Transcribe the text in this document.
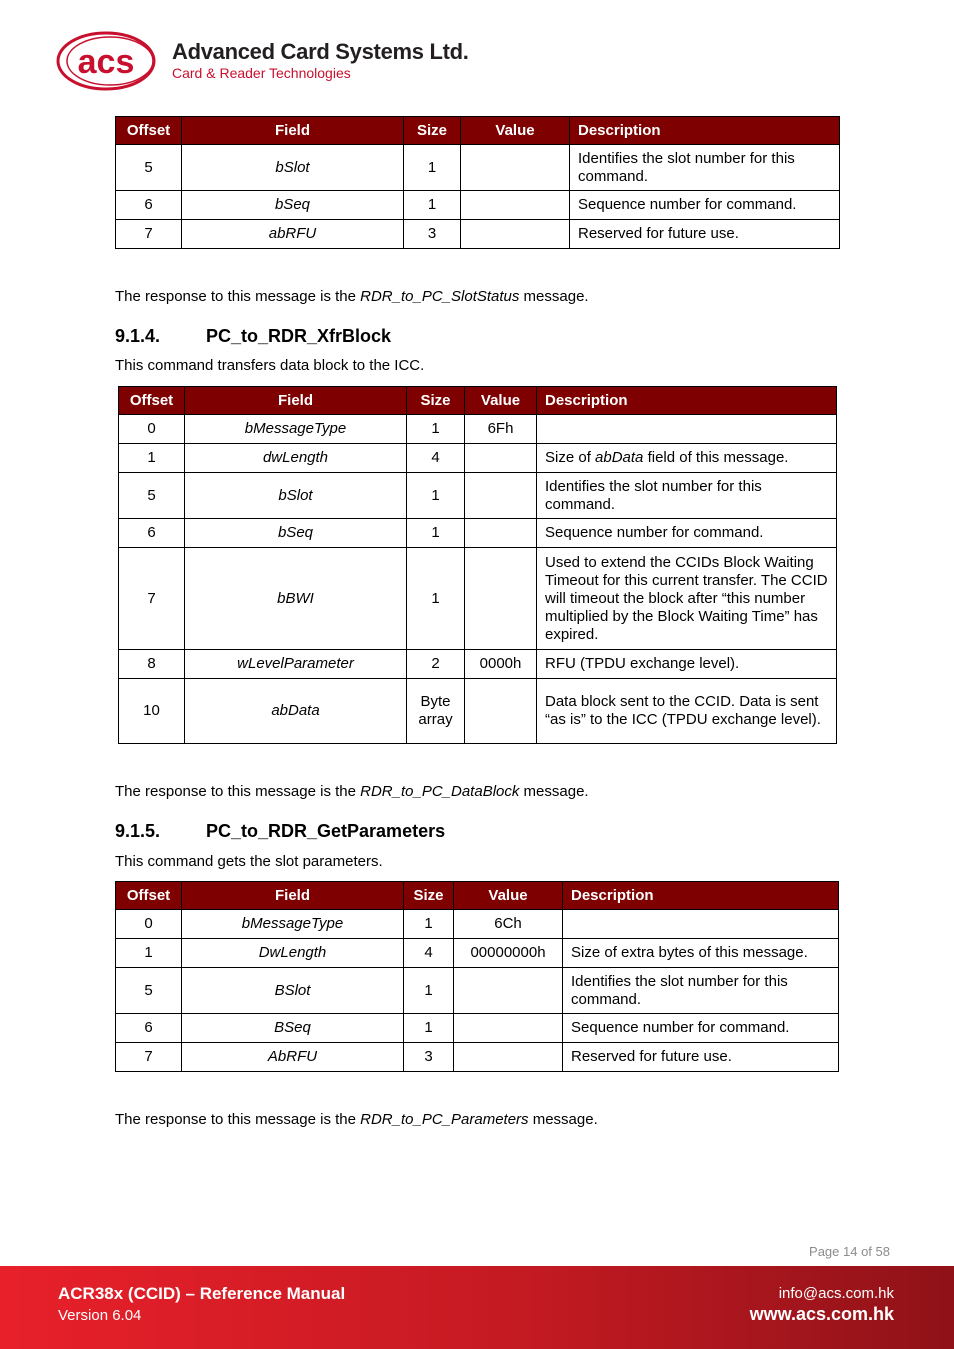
acs Advanced Card Systems Ltd.
Card & Reader Technologies
Offset	Field	Size	Value	Description
5	bSlot	1		Identifies the slot number for this command.
6	bSeq	1		Sequence number for command.
7	abRFU	3		Reserved for future use.
The response to this message is the RDR_to_PC_SlotStatus message.
9.1.4.	PC_to_RDR_XfrBlock
This command transfers data block to the ICC.
Offset	Field	Size	Value	Description
0	bMessageType	1	6Fh	
1	dwLength	4		Size of abData field of this message.
5	bSlot	1		Identifies the slot number for this command.
6	bSeq	1		Sequence number for command.
7	bBWI	1		Used to extend the CCIDs Block Waiting Timeout for this current transfer. The CCID will timeout the block after “this number multiplied by the Block Waiting Time” has expired.
8	wLevelParameter	2	0000h	RFU (TPDU exchange level).
10	abData	Byte array		Data block sent to the CCID. Data is sent “as is” to the ICC (TPDU exchange level).
The response to this message is the RDR_to_PC_DataBlock message.
9.1.5.	PC_to_RDR_GetParameters
This command gets the slot parameters.
Offset	Field	Size	Value	Description
0	bMessageType	1	6Ch	
1	DwLength	4	00000000h	Size of extra bytes of this message.
5	BSlot	1		Identifies the slot number for this command.
6	BSeq	1		Sequence number for command.
7	AbRFU	3		Reserved for future use.
The response to this message is the RDR_to_PC_Parameters message.
Page 14 of 58
ACR38x (CCID) – Reference Manual
Version 6.04
info@acs.com.hk
www.acs.com.hk
